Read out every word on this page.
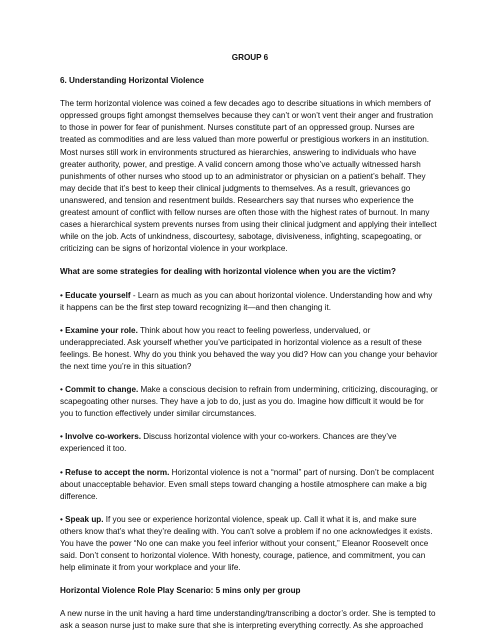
GROUP 6
6. Understanding Horizontal Violence

The term horizontal violence was coined a few decades ago to describe situations in which members of oppressed groups fight amongst themselves because they can’t or won’t vent their anger and frustration to those in power for fear of punishment. Nurses constitute part of an oppressed group. Nurses are treated as commodities and are less valued than more powerful or prestigious workers in an institution. Most nurses still work in environments structured as hierarchies, answering to individuals who have greater authority, power, and prestige. A valid concern among those who’ve actually witnessed harsh punishments of other nurses who stood up to an administrator or physician on a patient’s behalf. They may decide that it’s best to keep their clinical judgments to themselves. As a result, grievances go unanswered, and tension and resentment builds. Researchers say that nurses who experience the greatest amount of conflict with fellow nurses are often those with the highest rates of burnout. In many cases a hierarchical system prevents nurses from using their clinical judgment and applying their intellect while on the job. Acts of unkindness, discourtesy, sabotage, divisiveness, infighting, scapegoating, or criticizing can be signs of horizontal violence in your workplace.

What are some strategies for dealing with horizontal violence when you are the victim?

• Educate yourself - Learn as much as you can about horizontal violence. Understanding how and why it happens can be the first step toward recognizing it—and then changing it.

• Examine your role. Think about how you react to feeling powerless, undervalued, or underappreciated. Ask yourself whether you’ve participated in horizontal violence as a result of these feelings. Be honest. Why do you think you behaved the way you did? How can you change your behavior the next time you’re in this situation?

• Commit to change. Make a conscious decision to refrain from undermining, criticizing, discouraging, or scapegoating other nurses. They have a job to do, just as you do. Imagine how difficult it would be for you to function effectively under similar circumstances.

• Involve co-workers. Discuss horizontal violence with your co-workers. Chances are they’ve experienced it too.

• Refuse to accept the norm. Horizontal violence is not a “normal” part of nursing. Don’t be complacent about unacceptable behavior. Even small steps toward changing a hostile atmosphere can make a big difference.

• Speak up. If you see or experience horizontal violence, speak up. Call it what it is, and make sure others know that’s what they’re dealing with. You can’t solve a problem if no one acknowledges it exists. You have the power “No one can make you feel inferior without your consent,” Eleanor Roosevelt once said. Don’t consent to horizontal violence. With honesty, courage, patience, and commitment, you can help eliminate it from your workplace and your life.

Horizontal Violence Role Play Scenario: 5 mins only per group

A new nurse in the unit having a hard time understanding/transcribing a doctor’s order. She is tempted to ask a season nurse just to make sure that she is interpreting everything correctly. As she approached
